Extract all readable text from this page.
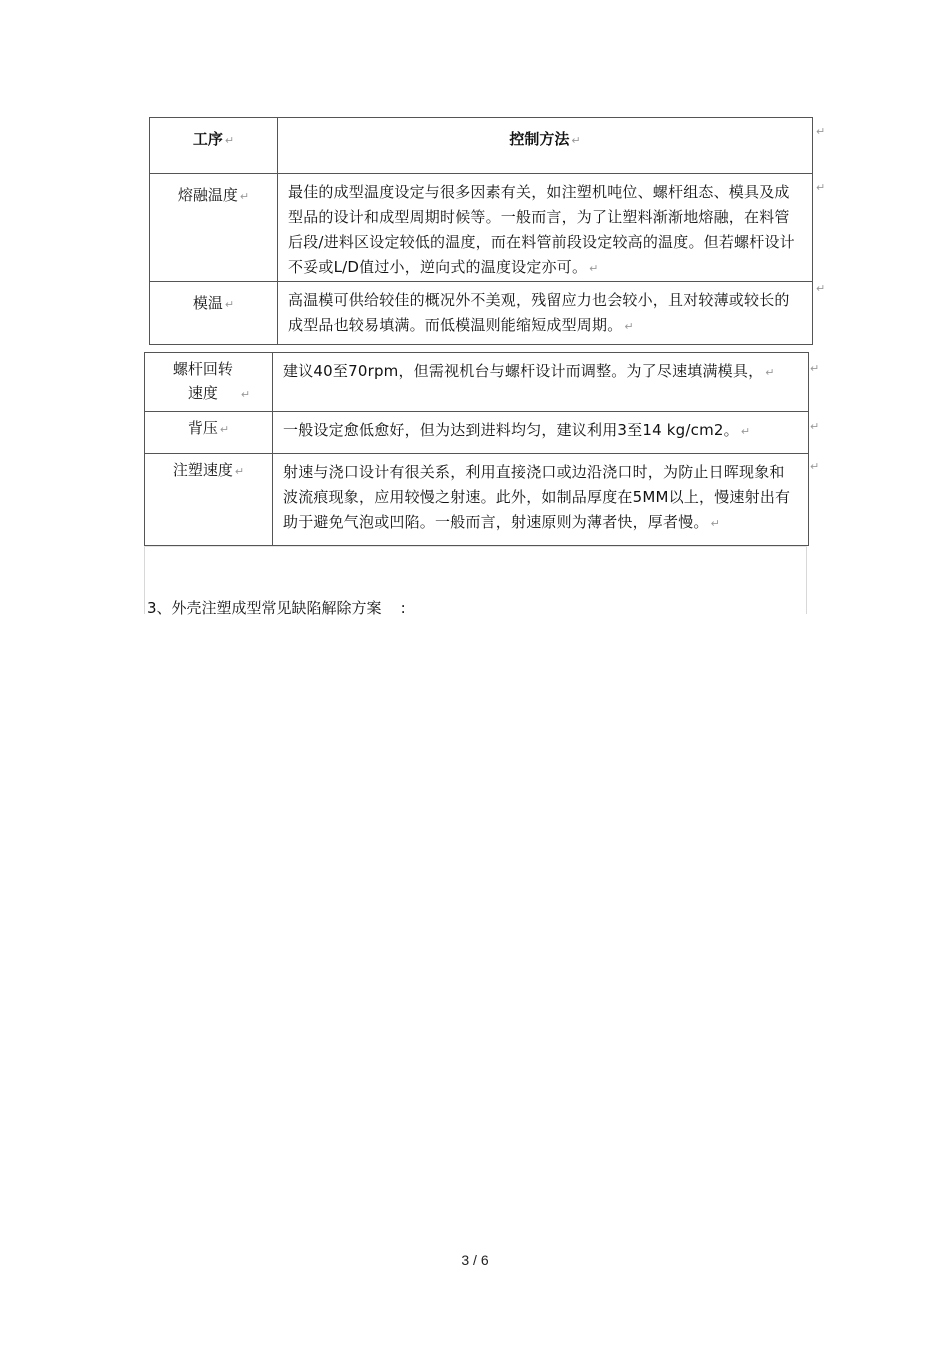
工序 ↵	控制方法 ↵
熔融温度 ↵	最佳的成型温度设定与很多因素有关，如注塑机吨位、螺杆组态、模具及成型品的设计和成型周期时候等。一般而言，为了让塑料渐渐地熔融，在料管后段/进料区设定较低的温度，而在料管前段设定较高的温度。但若螺杆设计不妥或L/D值过小，逆向式的温度设定亦可。 ↵
模温 ↵	高温模可供给较佳的概况外不美观，残留应力也会较小，且对较薄或较长的成型品也较易填满。而低模温则能缩短成型周期。 ↵
↵
↵
↵
螺杆回转速度 ↵	建议40至70rpm，但需视机台与螺杆设计而调整。为了尽速填满模具， ↵
背压 ↵	一般设定愈低愈好，但为达到进料均匀，建议利用3至14 kg/cm2。 ↵
注塑速度 ↵	射速与浇口设计有很关系，利用直接浇口或边沿浇口时，为防止日晖现象和波流痕现象，应用较慢之射速。此外，如制品厚度在5MM以上，慢速射出有助于避免气泡或凹陷。一般而言，射速原则为薄者快，厚者慢。 ↵
↵
↵
↵
3、外壳注塑成型常见缺陷解除方案    :
3 / 6
